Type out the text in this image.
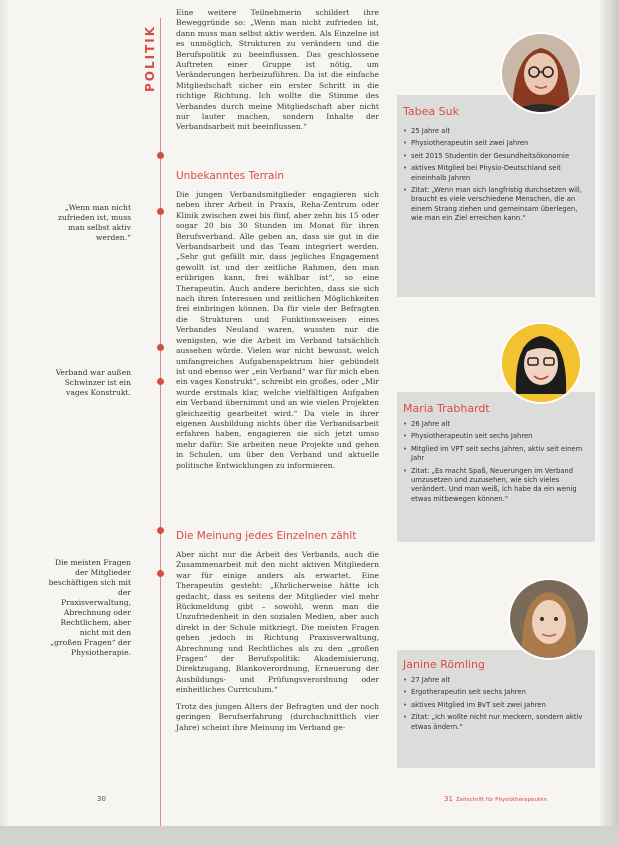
POLITIK
„Wenn man nicht zufrieden ist, muss man selbst aktiv werden.“
Verband war außen Schwinzer ist ein vages Konstrukt.
Die meisten Fragen der Mitglieder beschäftigen sich mit der Praxisverwaltung, Abrechnung oder Rechtlichem, aber nicht mit den „großen Fragen“ der Physiotherapie.

Eine weitere Teilnehmerin schildert ihre Beweggründe so: „Wenn man nicht zufrieden ist, dann muss man selbst aktiv werden. Als Einzelne ist es unmöglich, Strukturen zu verändern und die Berufspolitik zu beeinflussen. Das geschlossene Auftreten einer Gruppe ist nötig, um Veränderungen herbeizuführen. Da ist die einfache Mitgliedschaft sicher ein erster Schritt in die richtige Richtung. Ich wollte die Stimme des Verbandes durch meine Mitgliedschaft aber nicht nur lauter machen, sondern Inhalte der Verbandsarbeit mit beeinflussen.“

Unbekanntes Terrain

Die jungen Verbandsmitglieder engagieren sich neben ihrer Arbeit in Praxis, Reha-Zentrum oder Klinik zwischen zwei bis fünf, aber zehn bis 15 oder sogar 20 bis 30 Stunden im Monat für ihren Berufsverband. Alle geben an, dass sie gut in die Verbandsarbeit und das Team integriert werden. „Sehr gut gefällt mir, dass jegliches Engagement gewollt ist und der zeitliche Rahmen, den man erübrigen kann, frei wählbar ist“, so eine Therapeutin. Auch andere berichten, dass sie sich nach ihren Interessen und zeitlichen Möglichkeiten frei einbringen können. Da für viele der Befragten die Strukturen und Funktionsweisen eines Verbandes Neuland waren, wussten nur die wenigsten, wie die Arbeit im Verband tatsächlich aussehen würde. Vielen war nicht bewusst, welch umfangreiches Aufgabenspektrum hier gebündelt ist und ebenso wer „ein Verband“ war für mich eben ein vages Konstrukt“, schreibt ein großes, oder „Mir wurde erstmals klar, welche vielfältigen Aufgaben ein Verband übernimmt und an wie vielen Projekten gleichzeitig gearbeitet wird.“ Da viele in ihrer eigenen Ausbildung nichts über die Verbandsarbeit erfahren haben, engagieren sie sich jetzt umso mehr dafür: Sie arbeiten neue Projekte und gehen in Schulen, um über den Verband und aktuelle politische Entwicklungen zu informieren.

Die Meinung jedes Einzelnen zählt

Aber nicht nur die Arbeit des Verbands, auch die Zusammenarbeit mit den nicht aktiven Mitgliedern war für einige anders als erwartet. Eine Therapeutin gesteht: „Ehrlicherweise hätte ich gedacht, dass es seitens der Mitglieder viel mehr Rückmeldung gibt – sowohl, wenn man die Unzufriedenheit in den sozialen Medien, aber auch direkt in der Schule mitkriegt. Die meisten Fragen gehen jedoch in Richtung Praxisverwaltung, Abrechnung und Rechtliches als zu den „großen Fragen“ der Berufspolitik: Akademisierung, Direktzugang, Blankoverordnung, Erneuerung der Ausbildungs- und Prüfungsverordnung oder einheitliches Curriculum.“

Trotz des jungen Alters der Befragten und der noch geringen Berufserfahrung (durchschnittlich vier Jahre) scheint ihre Meinung im Verband ge-

Tabea Suk
• 25 Jahre alt
• Physiotherapeutin seit zwei Jahren
• seit 2015 Studentin der Gesundheitsökonomie
• aktives Mitglied bei Physio-Deutschland seit eineinhalb Jahren
• Zitat: „Wenn man sich langfristig durchsetzen will, braucht es viele verschiedene Menschen, die an einem Strang ziehen und gemeinsam überlegen, wie man ein Ziel erreichen kann.“
Maria Trabhardt
• 26 Jahre alt
• Physiotherapeutin seit sechs Jahren
• Mitglied im VPT seit sechs Jahren, aktiv seit einem Jahr
• Zitat: „Es macht Spaß, Neuerungen im Verband umzusetzen und zuzusehen, wie sich vieles verändert. Und man weiß, ich habe da ein wenig etwas mitbewegen können.“
Janine Römling
• 27 Jahre alt
• Ergotherapeutin seit sechs Jahren
• aktives Mitglied im BvT seit zwei Jahren
• Zitat: „Ich wollte nicht nur meckern, sondern aktiv etwas ändern.“
30	31 Zeitschrift für Physiotherapeuten
